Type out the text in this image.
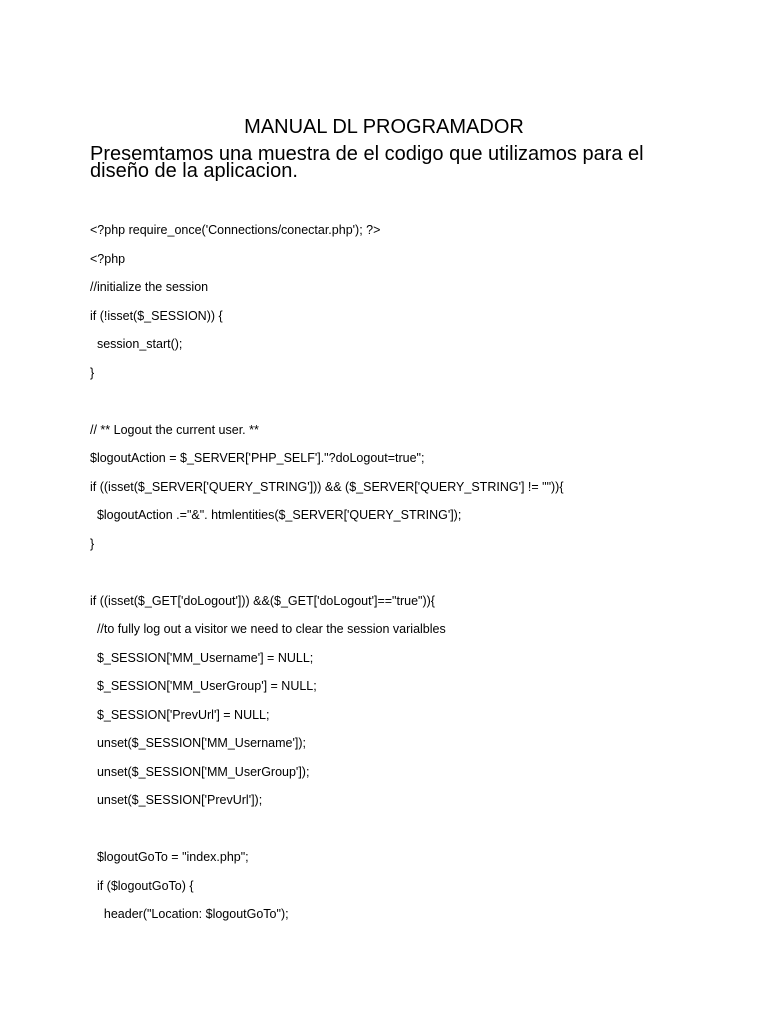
MANUAL DL PROGRAMADOR
Presemtamos una muestra de el codigo que utilizamos para el
diseño de la aplicacion.
<?php require_once('Connections/conectar.php'); ?>
<?php
//initialize the session
if (!isset($_SESSION)) {
session_start();
}
// ** Logout the current user. **
$logoutAction = $_SERVER['PHP_SELF']."?doLogout=true";
if ((isset($_SERVER['QUERY_STRING'])) && ($_SERVER['QUERY_STRING'] != "")){
$logoutAction .="&". htmlentities($_SERVER['QUERY_STRING']);
}
if ((isset($_GET['doLogout'])) &&($_GET['doLogout']=="true")){
//to fully log out a visitor we need to clear the session varialbles
$_SESSION['MM_Username'] = NULL;
$_SESSION['MM_UserGroup'] = NULL;
$_SESSION['PrevUrl'] = NULL;
unset($_SESSION['MM_Username']);
unset($_SESSION['MM_UserGroup']);
unset($_SESSION['PrevUrl']);
$logoutGoTo = "index.php";
if ($logoutGoTo) {
header("Location: $logoutGoTo");
